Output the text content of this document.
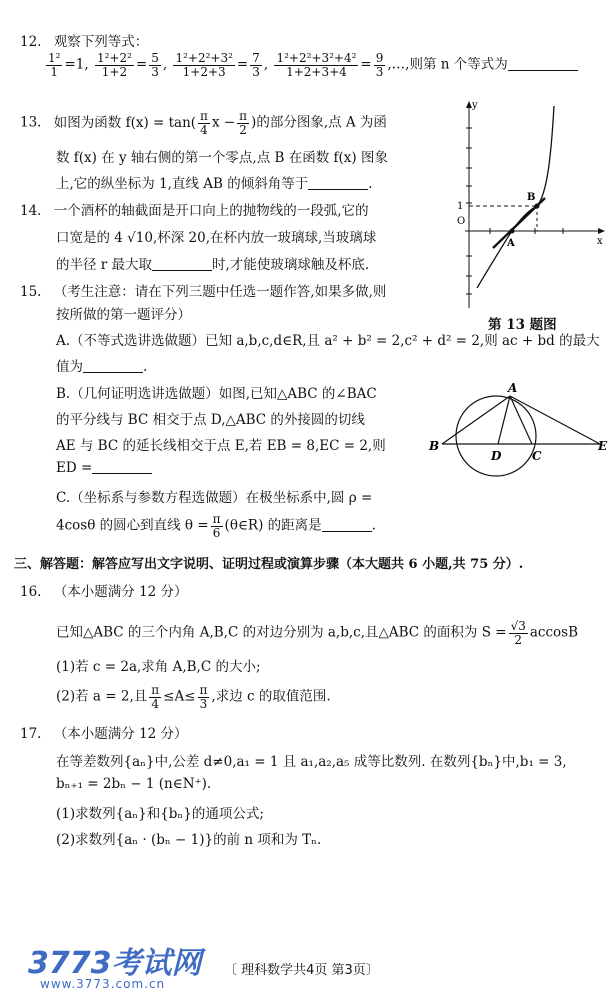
12. 观察下列等式：
$\frac{\text{1²}}{1} =1$, $\frac{\text{1²+2²}}{1+2} = \frac{5}{3}$ , $\frac{\text{1²+2²+3²}}{1+2+3} = \frac{7}{3}$ , $\frac{\text{1²+2²+3²+4²}}{1+2+3+4} = \frac{9}{3}$ ,…,则第 n 个等式为
13. 如图为函数 $f(x) = \tan( \frac{\pi}{4}$ $x - \frac{\pi}{2}$ )的部分图象,点 A 为函
数 f(x) 在 y 轴右侧的第一个零点,点 B 在函数 f(x) 图象
上,它的纵坐标为 1,直线 AB 的倾斜角等于	.
y
x
O
1
A
B
第 13 题图
14. 一个酒杯的轴截面是开口向上的抛物线的一段弧,它的
口宽是的 4 √10,杯深 20,在杯内放一玻璃球,当玻璃球
的半径 r 最大取	时,才能使玻璃球触及杯底.
15. （考生注意：请在下列三题中任选一题作答,如果多做,则
按所做的第一题评分）
A.（不等式选讲选做题）已知 a,b,c,d∈R,且 a² + b² = 2,c² + d² = 2,则 ac + bd 的最大
值为	.
B.（几何证明选讲选做题）如图,已知△ABC 的∠BAC
的平分线与 BC 相交于点 D,△ABC 的外接圆的切线
AE 与 BC 的延长线相交于点 E,若 EB = 8,EC = 2,则
ED =
C.（坐标系与参数方程选做题）在极坐标系中,圆 ρ =
4cosθ 的圆心到直线 $\theta = \frac{\pi}{6}$ (θ∈R) 的距离是	.
A
B
C
D
E
三、解答题：解答应写出文字说明、证明过程或演算步骤（本大题共 6 小题,共 75 分）.
16. （本小题满分 12 分）
已知△ABC 的三个内角 A,B,C 的对边分别为 a,b,c,且△ABC 的面积为 $S = \frac{√3}{2}$ accosB
(1)若 c = 2a,求角 A,B,C 的大小;
(2)若 a = 2,且 $\frac{\pi}{4} \le A\le \frac{\pi}{3}$ ,求边 c 的取值范围.
17. （本小题满分 12 分）
在等差数列{aₙ}中,公差 d≠0,a₁ = 1 且 a₁,a₂,a₅ 成等比数列. 在数列{bₙ}中,b₁ = 3,
bₙ₊₁ = 2bₙ − 1 (n∈N⁺).
(1)求数列{aₙ}和{bₙ}的通项公式;
(2)求数列{aₙ · (bₙ − 1)}的前 n 项和为 Tₙ.
3773考试网
www.3773.com.cn
〔 理科数学共4页 第3页〕
